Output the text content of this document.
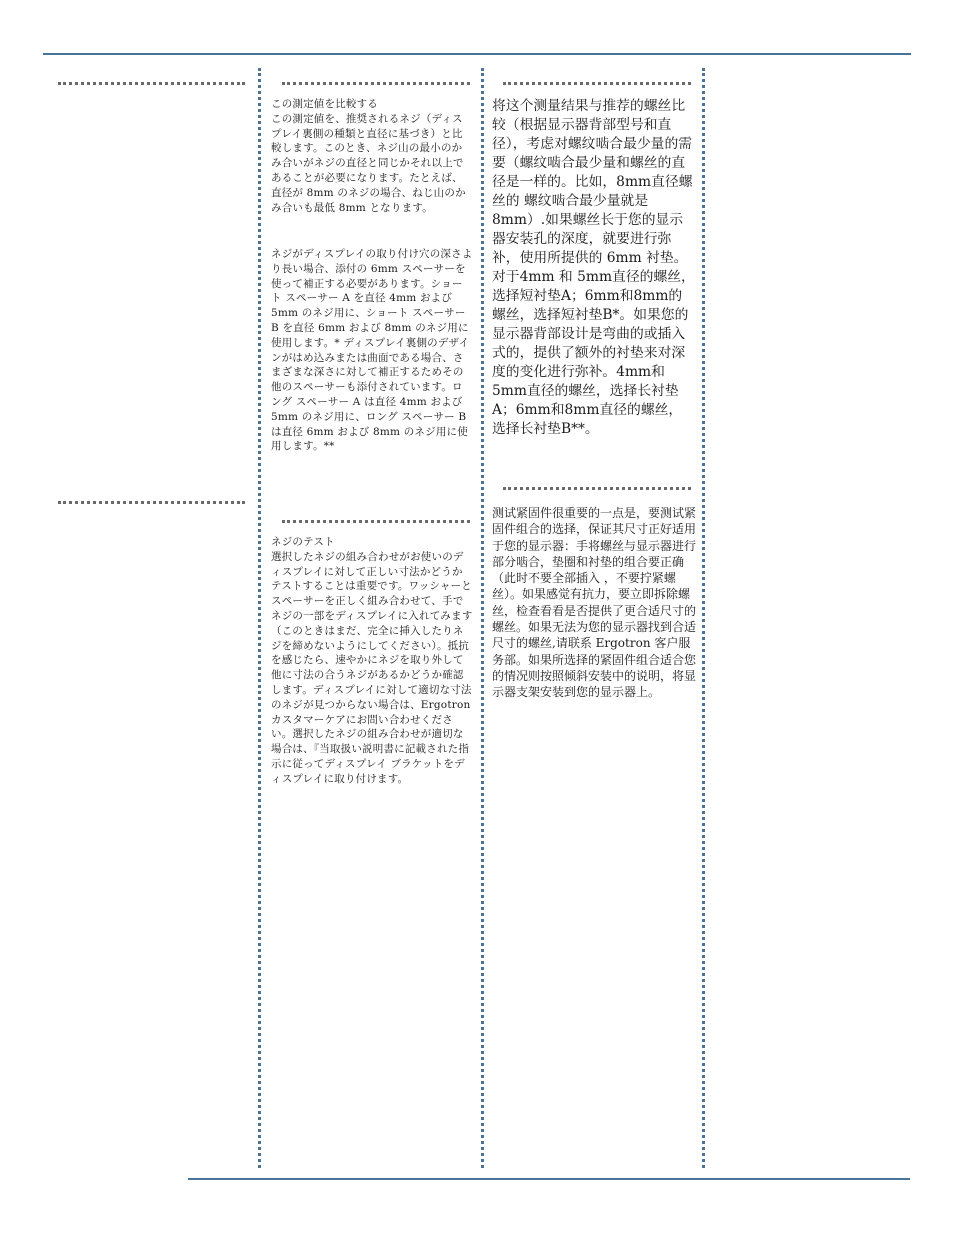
この測定値を比較する
この測定値を、推奨されるネジ（ディスプレイ裏側の種類と直径に基づき）と比較します。このとき、ネジ山の最小のかみ合いがネジの直径と同じかそれ以上であることが必要になります。たとえば、直径が 8mm のネジの場合、ねじ山のかみ合いも最低 8mm となります。
ネジがディスプレイの取り付け穴の深さより長い場合、添付の 6mm スペーサーを使って補正する必要があります。ショート スペーサー A を直径 4mm および 5mm のネジ用に、ショート スペーサー B を直径 6mm および 8mm のネジ用に使用します。* ディスプレイ裏側のデザインがはめ込みまたは曲面である場合、さまざまな深さに対して補正するためその他のスペーサーも添付されています。ロング スペーサー A は直径 4mm および 5mm のネジ用に、ロング スペーサー B は直径 6mm および 8mm のネジ用に使用します。**
ネジのテスト
選択したネジの組み合わせがお使いのディスプレイに対して正しい寸法かどうかテストすることは重要です。ワッシャーとスペーサーを正しく組み合わせて、手でネジの一部をディスプレイに入れてみます（このときはまだ、完全に挿入したりネジを締めないようにしてください）。抵抗を感じたら、速やかにネジを取り外して他に寸法の合うネジがあるかどうか確認します。ディスプレイに対して適切な寸法のネジが見つからない場合は、Ergotron カスタマーケアにお問い合わせください。選択したネジの組み合わせが適切な場合は、『当取扱い説明書に記載された指示に従ってディスプレイ ブラケットをディスプレイに取り付けます。
将这个测量结果与推荐的螺丝比较（根据显示器背部型号和直径），考虑对螺纹啮合最少量的需要（螺纹啮合最少量和螺丝的直径是一样的。比如，8mm直径螺丝的 螺纹啮合最少量就是8mm）.如果螺丝长于您的显示器安装孔的深度，就要进行弥补，使用所提供的 6mm 衬垫。 对于4mm 和 5mm直径的螺丝，选择短衬垫A；6mm和8mm的螺丝，选择短衬垫B*。如果您的显示器背部设计是弯曲的或插入式的，提供了额外的衬垫来对深度的变化进行弥补。4mm和5mm直径的螺丝，选择长衬垫A；6mm和8mm直径的螺丝，选择长衬垫B**。
测试紧固件很重要的一点是，要测试紧固件组合的选择，保证其尺寸正好适用于您的显示器：手将螺丝与显示器进行部分啮合，垫圈和衬垫的组合要正确（此时不要全部插入 ，不要拧紧螺丝）。如果感觉有抗力，要立即拆除螺丝，检查看看是否提供了更合适尺寸的螺丝。如果无法为您的显示器找到合适尺寸的螺丝,请联系 Ergotron 客户服务部。如果所选择的紧固件组合适合您的情况则按照倾斜安装中的说明，将显示器支架安装到您的显示器上。
